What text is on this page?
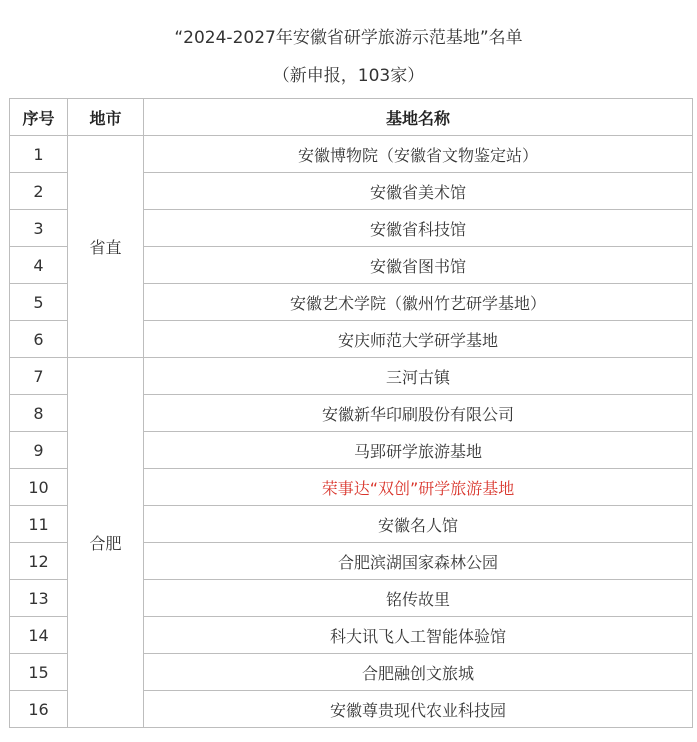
“2024-2027年安徽省研学旅游示范基地”名单
（新申报，103家）
序号	地市	基地名称
1	省直	安徽博物院（安徽省文物鉴定站）
2		安徽省美术馆
3		安徽省科技馆
4		安徽省图书馆
5		安徽艺术学院（徽州竹艺研学基地）
6		安庆师范大学研学基地
7	合肥	三河古镇
8		安徽新华印刷股份有限公司
9		马郢研学旅游基地
10		荣事达“双创”研学旅游基地
11		安徽名人馆
12		合肥滨湖国家森林公园
13		铭传故里
14		科大讯飞人工智能体验馆
15		合肥融创文旅城
16		安徽尊贵现代农业科技园
